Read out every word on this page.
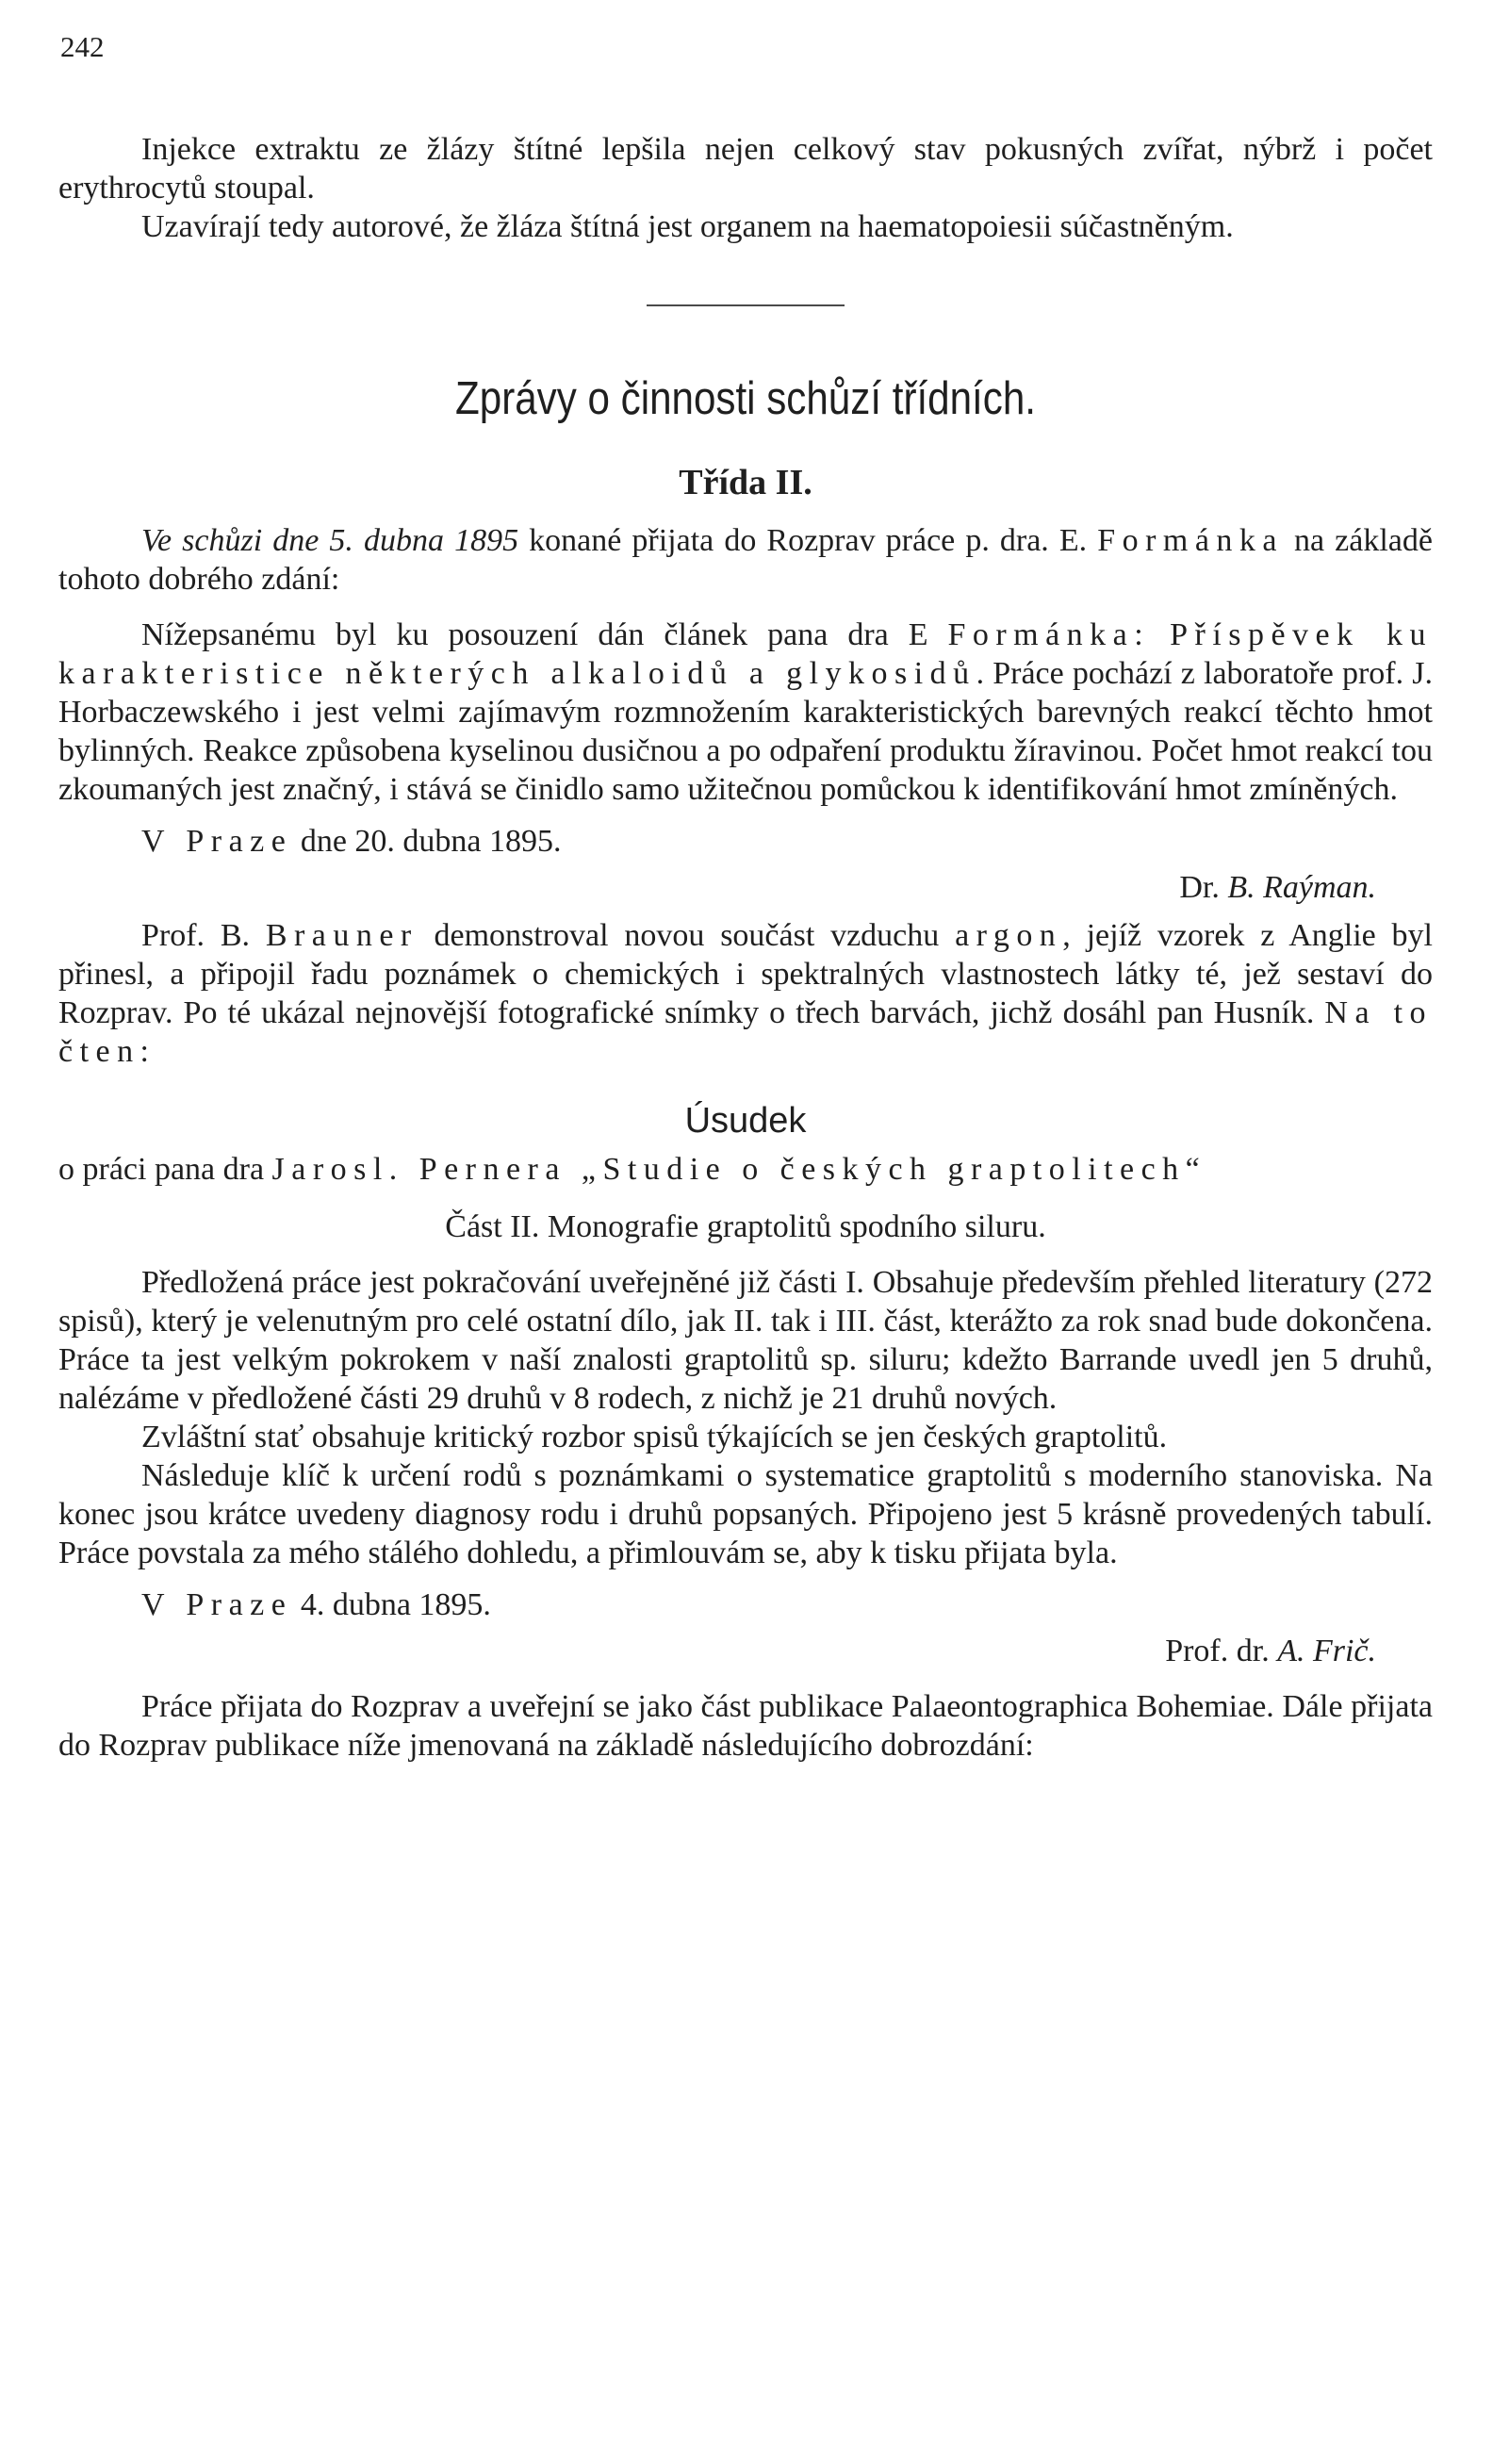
242

Injekce extraktu ze žlázy štítné lepšila nejen celkový stav pokusných zvířat, nýbrž i počet erythrocytů stoupal.

Uzavírají tedy autorové, že žláza štítná jest organem na haematopoiesii súčastněným.

Zprávy o činnosti schůzí třídních.
Třída II.

Ve schůzi dne 5. dubna 1895 konané přijata do Rozprav práce p. dra. E. Formánka na základě tohoto dobrého zdání:

Nížepsanému byl ku posouzení dán článek pana dra E Formánka: Příspěvek ku karakteristice některých alkaloidů a glykosidů. Práce pochází z laboratoře prof. J. Horbaczewského i jest velmi zajímavým rozmnožením karakteristických barevných reakcí těchto hmot bylinných. Reakce způsobena kyselinou dusičnou a po odpaření produktu žíravinou. Počet hmot reakcí tou zkoumaných jest značný, i stává se činidlo samo užitečnou pomůckou k identifikování hmot zmíněných.

V Praze dne 20. dubna 1895.
Dr. B. Raýman.

Prof. B. Brauner demonstroval novou součást vzduchu argon, jejíž vzorek z Anglie byl přinesl, a připojil řadu poznámek o chemických i spektralných vlastnostech látky té, jež sestaví do Rozprav. Po té ukázal nejnovější fotografické snímky o třech barvách, jichž dosáhl pan Husník. Na to čten:

Úsudek
o práci pana dra Jarosl. Pernera „Studie o českých graptolitech“
Část II. Monografie graptolitů spodního siluru.

Předložená práce jest pokračování uveřejněné již části I. Obsahuje především přehled literatury (272 spisů), který je velenutným pro celé ostatní dílo, jak II. tak i III. část, kterážto za rok snad bude dokončena. Práce ta jest velkým pokrokem v naší znalosti graptolitů sp. siluru; kdežto Barrande uvedl jen 5 druhů, nalézáme v předložené části 29 druhů v 8 rodech, z nichž je 21 druhů nových.

Zvláštní stať obsahuje kritický rozbor spisů týkajících se jen českých graptolitů.

Následuje klíč k určení rodů s poznámkami o systematice graptolitů s moderního stanoviska. Na konec jsou krátce uvedeny diagnosy rodu i druhů popsaných. Připojeno jest 5 krásně provedených tabulí. Práce povstala za mého stálého dohledu, a přimlouvám se, aby k tisku přijata byla.

V Praze 4. dubna 1895.
Prof. dr. A. Frič.

Práce přijata do Rozprav a uveřejní se jako část publikace Palaeontographica Bohemiae. Dále přijata do Rozprav publikace níže jmenovaná na základě následujícího dobrozdání:
